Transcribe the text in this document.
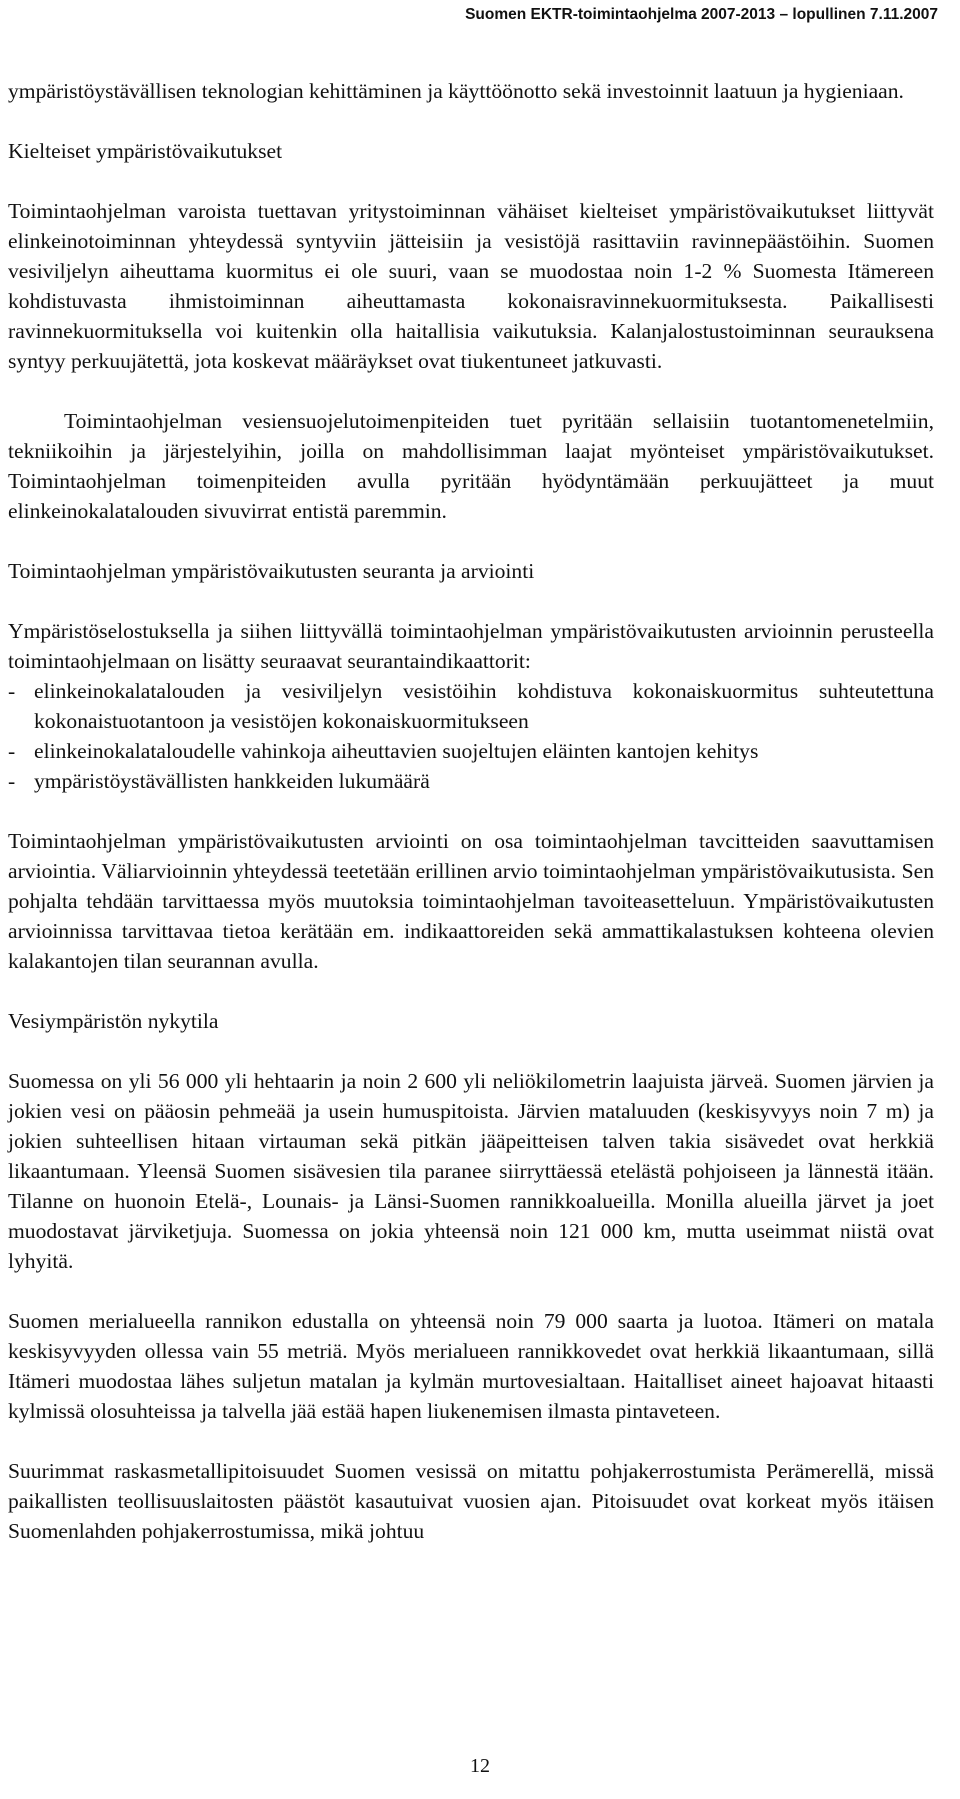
Suomen EKTR-toimintaohjelma 2007-2013 – lopullinen 7.11.2007

ympäristöystävällisen teknologian kehittäminen ja käyttöönotto sekä investoinnit laatuun ja hygieniaan.

Kielteiset ympäristövaikutukset

Toimintaohjelman varoista tuettavan yritystoiminnan vähäiset kielteiset ympäristövaikutukset liittyvät elinkeinotoiminnan yhteydessä syntyviin jätteisiin ja vesistöjä rasittaviin ravinnepäästöihin. Suomen vesiviljelyn aiheuttama kuormitus ei ole suuri, vaan se muodostaa noin 1-2 % Suomesta Itämereen kohdistuvasta ihmistoiminnan aiheuttamasta kokonaisravinnekuormituksesta. Paikallisesti ravinnekuormituksella voi kuitenkin olla haitallisia vaikutuksia. Kalanjalostustoiminnan seurauksena syntyy perkuujätettä, jota koskevat määräykset ovat tiukentuneet jatkuvasti.

Toimintaohjelman vesiensuojelutoimenpiteiden tuet pyritään sellaisiin tuotantomenetelmiin, tekniikoihin ja järjestelyihin, joilla on mahdollisimman laajat myönteiset ympäristövaikutukset. Toimintaohjelman toimenpiteiden avulla pyritään hyödyntämään perkuujätteet ja muut elinkeinokalatalouden sivuvirrat entistä paremmin.

Toimintaohjelman ympäristövaikutusten seuranta ja arviointi

Ympäristöselostuksella ja siihen liittyvällä toimintaohjelman ympäristövaikutusten arvioinnin perusteella toimintaohjelmaan on lisätty seuraavat seurantaindikaattorit:

- elinkeinokalatalouden ja vesiviljelyn vesistöihin kohdistuva kokonaiskuormitus suhteutettuna kokonaistuotantoon ja vesistöjen kokonaiskuormitukseen
- elinkeinokalataloudelle vahinkoja aiheuttavien suojeltujen eläinten kantojen kehitys
- ympäristöystävällisten hankkeiden lukumäärä

Toimintaohjelman ympäristövaikutusten arviointi on osa toimintaohjelman tavcitteiden saavuttamisen arviointia. Väliarvioinnin yhteydessä teetetään erillinen arvio toimintaohjelman ympäristövaikutusista. Sen pohjalta tehdään tarvittaessa myös muutoksia toimintaohjelman tavoiteasetteluun. Ympäristövaikutusten arvioinnissa tarvittavaa tietoa kerätään em. indikaattoreiden sekä ammattikalastuksen kohteena olevien kalakantojen tilan seurannan avulla.

Vesiympäristön nykytila

Suomessa on yli 56 000 yli hehtaarin ja noin 2 600 yli neliökilometrin laajuista järveä. Suomen järvien ja jokien vesi on pääosin pehmeää ja usein humuspitoista. Järvien mataluuden (keskisyvyys noin 7 m) ja jokien suhteellisen hitaan virtauman sekä pitkän jääpeitteisen talven takia sisävedet ovat herkkiä likaantumaan. Yleensä Suomen sisävesien tila paranee siirryttäessä etelästä pohjoiseen ja lännestä itään. Tilanne on huonoin Etelä-, Lounais- ja Länsi-Suomen rannikkoalueilla. Monilla alueilla järvet ja joet muodostavat järviketjuja. Suomessa on jokia yhteensä noin 121 000 km, mutta useimmat niistä ovat lyhyitä.

Suomen merialueella rannikon edustalla on yhteensä noin 79 000 saarta ja luotoa. Itämeri on matala keskisyvyyden ollessa vain 55 metriä. Myös merialueen rannikkovedet ovat herkkiä likaantumaan, sillä Itämeri muodostaa lähes suljetun matalan ja kylmän murtovesialtaan. Haitalliset aineet hajoavat hitaasti kylmissä olosuhteissa ja talvella jää estää hapen liukenemisen ilmasta pintaveteen.

Suurimmat raskasmetallipitoisuudet Suomen vesissä on mitattu pohjakerrostumista Perämerellä, missä paikallisten teollisuuslaitosten päästöt kasautuivat vuosien ajan. Pitoisuudet ovat korkeat myös itäisen Suomenlahden pohjakerrostumissa, mikä johtuu

12
